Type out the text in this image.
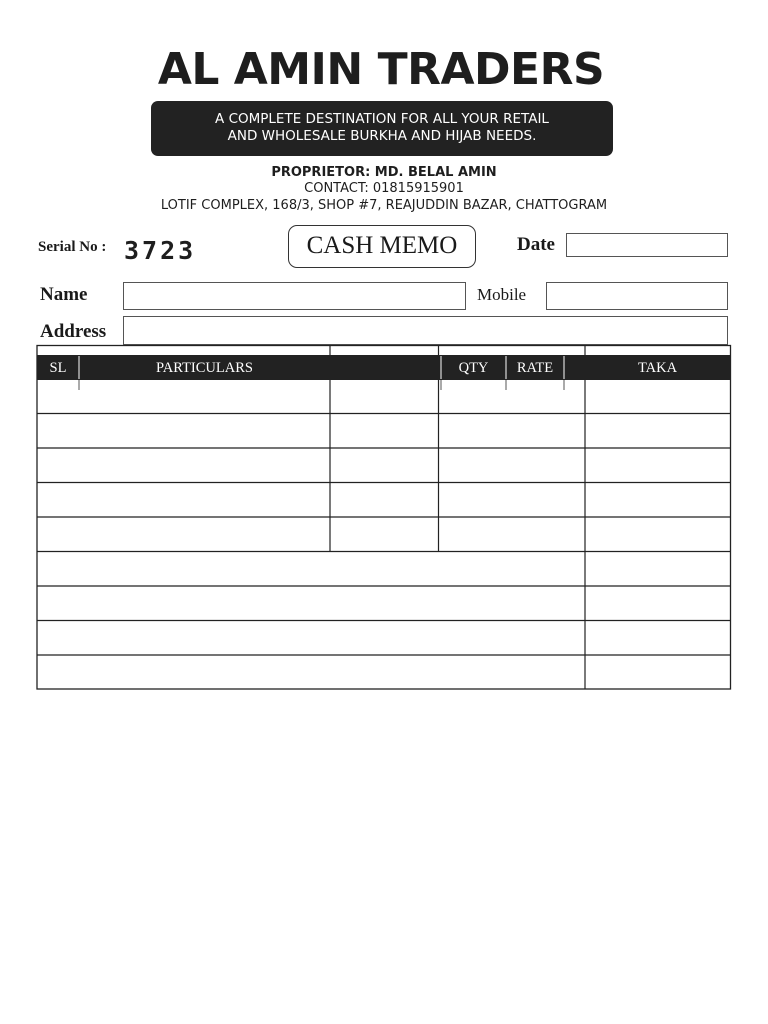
AL AMIN TRADERS
A COMPLETE DESTINATION FOR ALL YOUR RETAIL
AND WHOLESALE BURKHA AND HIJAB NEEDS.
PROPRIETOR: MD. BELAL AMIN
CONTACT: 01815915901
LOTIF COMPLEX, 168/3, SHOP #7, REAJUDDIN BAZAR, CHATTOGRAM
Serial No : 3723	CASH MEMO	Date
Name	Mobile
Address
SL	PARTICULARS	QTY	RATE	TAKA
